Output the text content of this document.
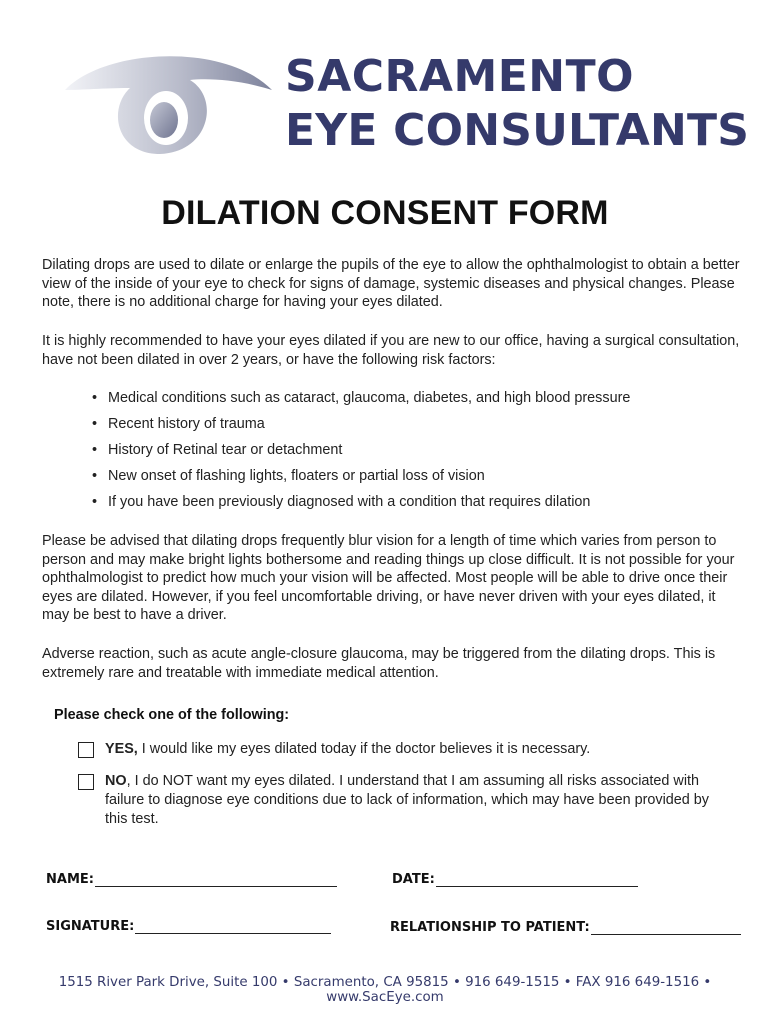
SACRAMENTO
EYE CONSULTANTS
DILATION CONSENT FORM

Dilating drops are used to dilate or enlarge the pupils of the eye to allow the ophthalmologist to obtain a better view of the inside of your eye to check for signs of damage, systemic diseases and physical changes. Please note, there is no additional charge for having your eyes dilated.

It is highly recommended to have your eyes dilated if you are new to our office, having a surgical consultation, have not been dilated in over 2 years, or have the following risk factors:

• Medical conditions such as cataract, glaucoma, diabetes, and high blood pressure
• Recent history of trauma
• History of Retinal tear or detachment
• New onset of flashing lights, floaters or partial loss of vision
• If you have been previously diagnosed with a condition that requires dilation

Please be advised that dilating drops frequently blur vision for a length of time which varies from person to person and may make bright lights bothersome and reading things up close difficult. It is not possible for your ophthalmologist to predict how much your vision will be affected. Most people will be able to drive once their eyes are dilated. However, if you feel uncomfortable driving, or have never driven with your eyes dilated, it may be best to have a driver.

Adverse reaction, such as acute angle-closure glaucoma, may be triggered from the dilating drops. This is extremely rare and treatable with immediate medical attention.

Please check one of the following:

YES, I would like my eyes dilated today if the doctor believes it is necessary.
NO, I do NOT want my eyes dilated. I understand that I am assuming all risks associated with failure to diagnose eye conditions due to lack of information, which may have been provided by this test.
NAME:	DATE:
SIGNATURE:	RELATIONSHIP TO PATIENT:

1515 River Park Drive, Suite 100 • Sacramento, CA 95815 • 916 649-1515 • FAX 916 649-1516 • www.SacEye.com
